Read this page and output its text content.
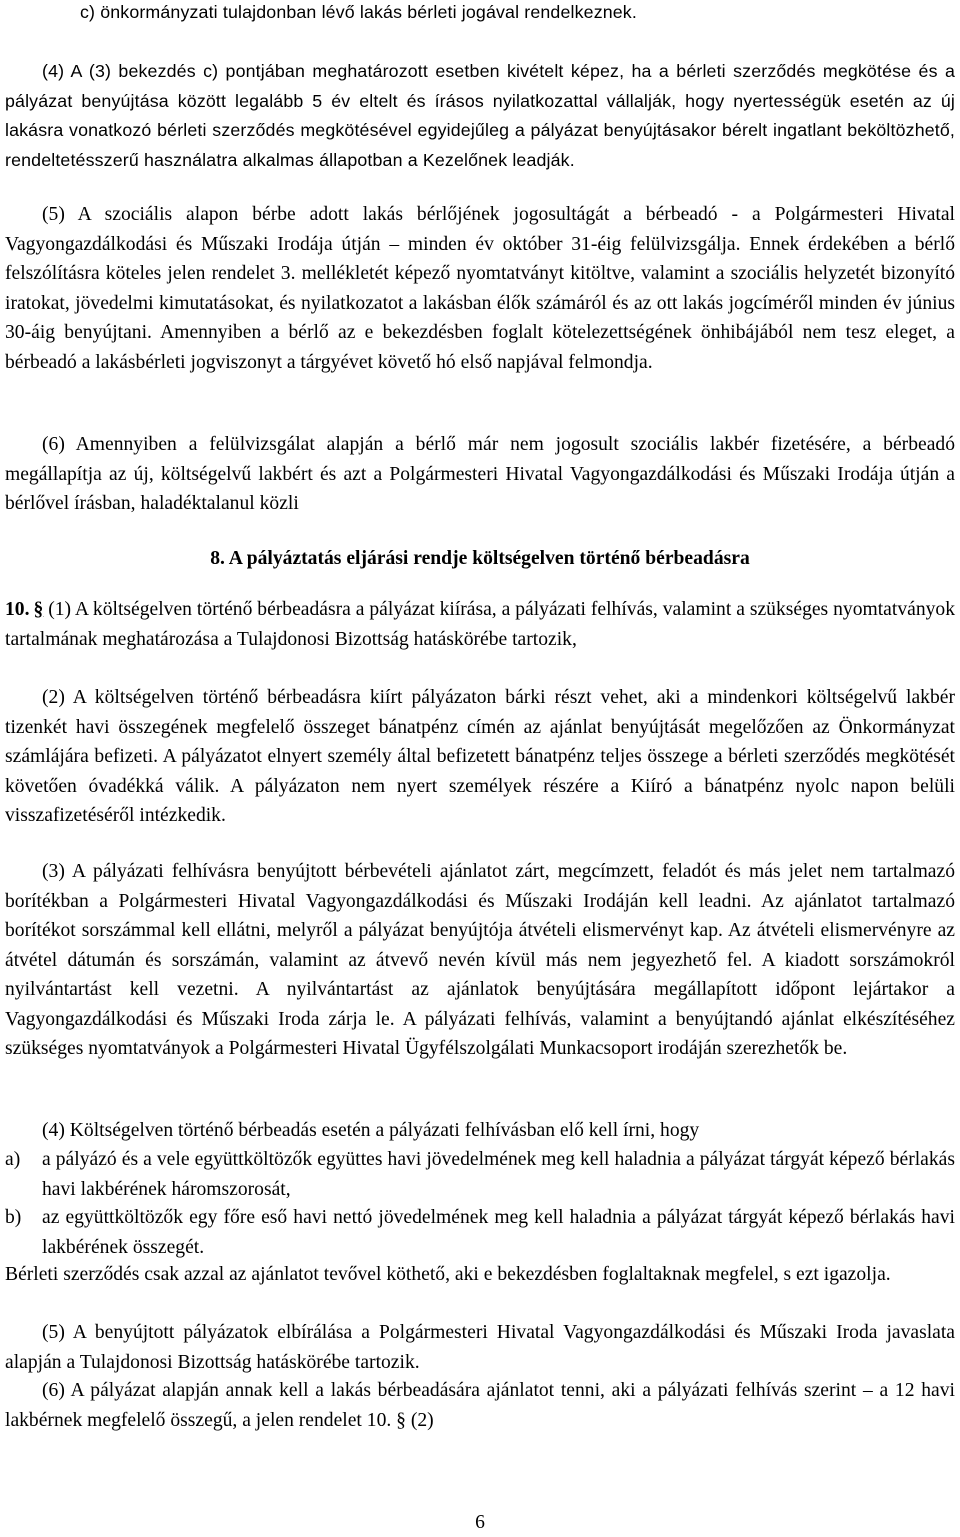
c) önkormányzati tulajdonban lévő lakás bérleti jogával rendelkeznek.

(4) A (3) bekezdés c) pontjában meghatározott esetben kivételt képez, ha a bérleti szerződés megkötése és a pályázat benyújtása között legalább 5 év eltelt és írásos nyilatkozattal vállalják, hogy nyertességük esetén az új lakásra vonatkozó bérleti szerződés megkötésével egyidejűleg a pályázat benyújtásakor bérelt ingatlant beköltözhető, rendeltetésszerű használatra alkalmas állapotban a Kezelőnek leadják.

(5) A szociális alapon bérbe adott lakás bérlőjének jogosultágát a bérbeadó - a Polgármesteri Hivatal Vagyongazdálkodási és Műszaki Irodája útján – minden év október 31-éig felülvizsgálja. Ennek érdekében a bérlő felszólításra köteles jelen rendelet 3. mellékletét képező nyomtatványt kitöltve, valamint a szociális helyzetét bizonyító iratokat, jövedelmi kimutatásokat, és nyilatkozatot a lakásban élők számáról és az ott lakás jogcíméről minden év június 30-áig benyújtani. Amennyiben a bérlő az e bekezdésben foglalt kötelezettségének önhibájából nem tesz eleget, a bérbeadó a lakásbérleti jogviszonyt a tárgyévet követő hó első napjával felmondja.

(6) Amennyiben a felülvizsgálat alapján a bérlő már nem jogosult szociális lakbér fizetésére, a bérbeadó megállapítja az új, költségelvű lakbért és azt a Polgármesteri Hivatal Vagyongazdálkodási és Műszaki Irodája útján a bérlővel írásban, haladéktalanul közli

8. A pályáztatás eljárási rendje költségelven történő bérbeadásra

10. § (1) A költségelven történő bérbeadásra a pályázat kiírása, a pályázati felhívás, valamint a szükséges nyomtatványok tartalmának meghatározása a Tulajdonosi Bizottság hatáskörébe tartozik,

(2) A költségelven történő bérbeadásra kiírt pályázaton bárki részt vehet, aki a mindenkori költségelvű lakbér tizenkét havi összegének megfelelő összeget bánatpénz címén az ajánlat benyújtását megelőzően az Önkormányzat számlájára befizeti. A pályázatot elnyert személy által befizetett bánatpénz teljes összege a bérleti szerződés megkötését követően óvadékká válik. A pályázaton nem nyert személyek részére a Kiíró a bánatpénz nyolc napon belüli visszafizetéséről intézkedik.

(3) A pályázati felhívásra benyújtott bérbevételi ajánlatot zárt, megcímzett, feladót és más jelet nem tartalmazó borítékban a Polgármesteri Hivatal Vagyongazdálkodási és Műszaki Irodáján kell leadni. Az ajánlatot tartalmazó borítékot sorszámmal kell ellátni, melyről a pályázat benyújtója átvételi elismervényt kap. Az átvételi elismervényre az átvétel dátumán és sorszámán, valamint az átvevő nevén kívül más nem jegyezhető fel. A kiadott sorszámokról nyilvántartást kell vezetni. A nyilvántartást az ajánlatok benyújtására megállapított időpont lejártakor a Vagyongazdálkodási és Műszaki Iroda zárja le. A pályázati felhívás, valamint a benyújtandó ajánlat elkészítéséhez szükséges nyomtatványok a Polgármesteri Hivatal Ügyfélszolgálati Munkacsoport irodáján szerezhetők be.

(4) Költségelven történő bérbeadás esetén a pályázati felhívásban elő kell írni, hogy

a) a pályázó és a vele együttköltözők együttes havi jövedelmének meg kell haladnia a pályázat tárgyát képező bérlakás havi lakbérének háromszorosát,
b) az együttköltözők egy főre eső havi nettó jövedelmének meg kell haladnia a pályázat tárgyát képező bérlakás havi lakbérének összegét.

Bérleti szerződés csak azzal az ajánlatot tevővel köthető, aki e bekezdésben foglaltaknak megfelel, s ezt igazolja.

(5) A benyújtott pályázatok elbírálása a Polgármesteri Hivatal Vagyongazdálkodási és Műszaki Iroda javaslata alapján a Tulajdonosi Bizottság hatáskörébe tartozik.

(6) A pályázat alapján annak kell a lakás bérbeadására ajánlatot tenni, aki a pályázati felhívás szerint – a 12 havi lakbérnek megfelelő összegű, a jelen rendelet 10. § (2)

6
